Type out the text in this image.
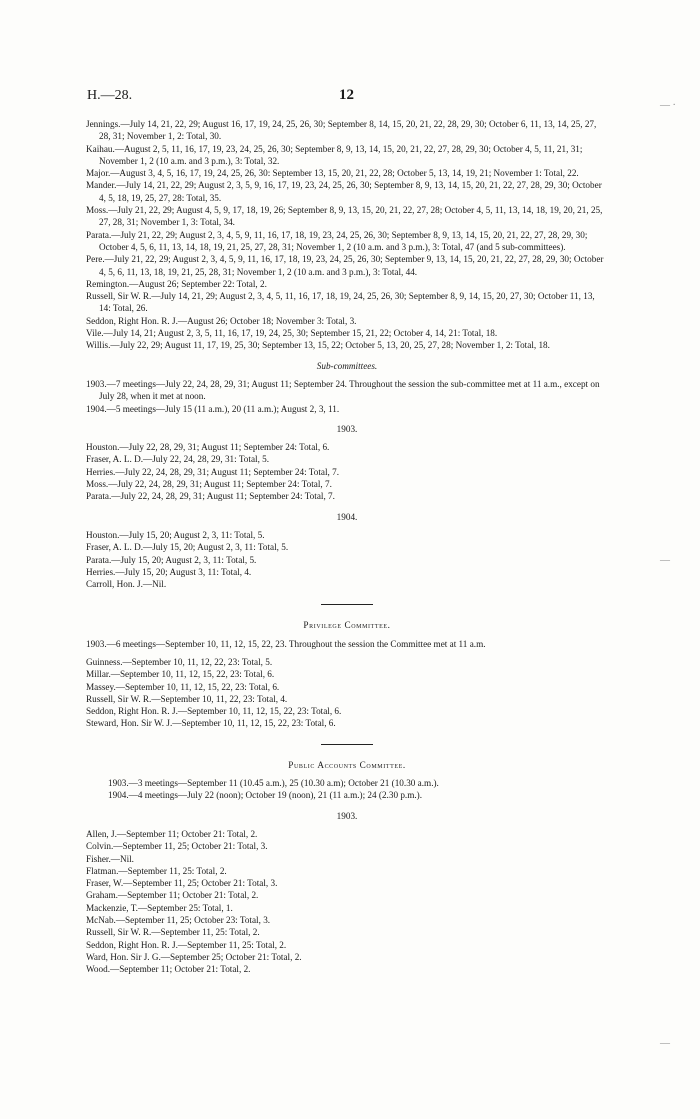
H.—28.	12
— ·
—
—

Jennings.—July 14, 21, 22, 29; August 16, 17, 19, 24, 25, 26, 30; September 8, 14, 15, 20, 21, 22, 28, 29, 30; October 6, 11, 13, 14, 25, 27, 28, 31; November 1, 2: Total, 30.

Kaihau.—August 2, 5, 11, 16, 17, 19, 23, 24, 25, 26, 30; September 8, 9, 13, 14, 15, 20, 21, 22, 27, 28, 29, 30; October 4, 5, 11, 21, 31; November 1, 2 (10 a.m. and 3 p.m.), 3: Total, 32.

Major.—August 3, 4, 5, 16, 17, 19, 24, 25, 26, 30: September 13, 15, 20, 21, 22, 28; October 5, 13, 14, 19, 21; November 1: Total, 22.

Mander.—July 14, 21, 22, 29; August 2, 3, 5, 9, 16, 17, 19, 23, 24, 25, 26, 30; September 8, 9, 13, 14, 15, 20, 21, 22, 27, 28, 29, 30; October 4, 5, 18, 19, 25, 27, 28: Total, 35.

Moss.—July 21, 22, 29; August 4, 5, 9, 17, 18, 19, 26; September 8, 9, 13, 15, 20, 21, 22, 27, 28; October 4, 5, 11, 13, 14, 18, 19, 20, 21, 25, 27, 28, 31; November 1, 3: Total, 34.

Parata.—July 21, 22, 29; August 2, 3, 4, 5, 9, 11, 16, 17, 18, 19, 23, 24, 25, 26, 30; September 8, 9, 13, 14, 15, 20, 21, 22, 27, 28, 29, 30; October 4, 5, 6, 11, 13, 14, 18, 19, 21, 25, 27, 28, 31; November 1, 2 (10 a.m. and 3 p.m.), 3: Total, 47 (and 5 sub-committees).

Pere.—July 21, 22, 29; August 2, 3, 4, 5, 9, 11, 16, 17, 18, 19, 23, 24, 25, 26, 30; September 9, 13, 14, 15, 20, 21, 22, 27, 28, 29, 30; October 4, 5, 6, 11, 13, 18, 19, 21, 25, 28, 31; November 1, 2 (10 a.m. and 3 p.m.), 3: Total, 44.

Remington.—August 26; September 22: Total, 2.

Russell, Sir W. R.—July 14, 21, 29; August 2, 3, 4, 5, 11, 16, 17, 18, 19, 24, 25, 26, 30; September 8, 9, 14, 15, 20, 27, 30; October 11, 13, 14: Total, 26.

Seddon, Right Hon. R. J.—August 26; October 18; November 3: Total, 3.

Vile.—July 14, 21; August 2, 3, 5, 11, 16, 17, 19, 24, 25, 30; September 15, 21, 22; October 4, 14, 21: Total, 18.

Willis.—July 22, 29; August 11, 17, 19, 25, 30; September 13, 15, 22; October 5, 13, 20, 25, 27, 28; November 1, 2: Total, 18.

Sub-committees.

1903.—7 meetings—July 22, 24, 28, 29, 31; August 11; September 24. Throughout the session the sub-committee met at 11 a.m., except on July 28, when it met at noon.

1904.—5 meetings—July 15 (11 a.m.), 20 (11 a.m.); August 2, 3, 11.

1903.

Houston.—July 22, 28, 29, 31; August 11; September 24: Total, 6.

Fraser, A. L. D.—July 22, 24, 28, 29, 31: Total, 5.

Herries.—July 22, 24, 28, 29, 31; August 11; September 24: Total, 7.

Moss.—July 22, 24, 28, 29, 31; August 11; September 24: Total, 7.

Parata.—July 22, 24, 28, 29, 31; August 11; September 24: Total, 7.

1904.

Houston.—July 15, 20; August 2, 3, 11: Total, 5.

Fraser, A. L. D.—July 15, 20; August 2, 3, 11: Total, 5.

Parata.—July 15, 20; August 2, 3, 11: Total, 5.

Herries.—July 15, 20; August 3, 11: Total, 4.

Carroll, Hon. J.—Nil.

Privilege Committee.

1903.—6 meetings—September 10, 11, 12, 15, 22, 23. Throughout the session the Committee met at 11 a.m.

Guinness.—September 10, 11, 12, 22, 23: Total, 5.

Millar.—September 10, 11, 12, 15, 22, 23: Total, 6.

Massey.—September 10, 11, 12, 15, 22, 23: Total, 6.

Russell, Sir W. R.—September 10, 11, 22, 23: Total, 4.

Seddon, Right Hon. R. J.—September 10, 11, 12, 15, 22, 23: Total, 6.

Steward, Hon. Sir W. J.—September 10, 11, 12, 15, 22, 23: Total, 6.

Public Accounts Committee.

1903.—3 meetings—September 11 (10.45 a.m.), 25 (10.30 a.m); October 21 (10.30 a.m.).

1904.—4 meetings—July 22 (noon); October 19 (noon), 21 (11 a.m.); 24 (2.30 p.m.).

1903.

Allen, J.—September 11; October 21: Total, 2.

Colvin.—September 11, 25; October 21: Total, 3.

Fisher.—Nil.

Flatman.—September 11, 25: Total, 2.

Fraser, W.—September 11, 25; October 21: Total, 3.

Graham.—September 11; October 21: Total, 2.

Mackenzie, T.—September 25: Total, 1.

McNab.—September 11, 25; October 23: Total, 3.

Russell, Sir W. R.—September 11, 25: Total, 2.

Seddon, Right Hon. R. J.—September 11, 25: Total, 2.

Ward, Hon. Sir J. G.—September 25; October 21: Total, 2.

Wood.—September 11; October 21: Total, 2.
